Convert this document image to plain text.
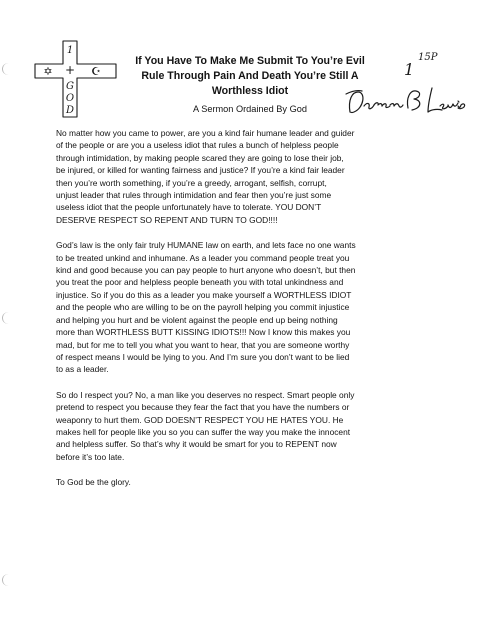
1
+
G
O
D
✡	☪
If You Have To Make Me Submit To You’re Evil
Rule Through Pain And Death You’re Still A
Worthless Idiot
A Sermon Ordained By God
1
15P

No matter how you came to power, are you a kind fair humane leader and guider
of the people or are you a useless idiot that rules a bunch of helpless people
through intimidation, by making people scared they are going to lose their job,
be injured, or killed for wanting fairness and justice? If you’re a kind fair leader
then you’re worth something, if you’re a greedy, arrogant, selfish, corrupt,
unjust leader that rules through intimidation and fear then you’re just some
useless idiot that the people unfortunately have to tolerate. YOU DON’T
DESERVE RESPECT SO REPENT AND TURN TO GOD!!!!

God’s law is the only fair truly HUMANE law on earth, and lets face no one wants
to be treated unkind and inhumane. As a leader you command people treat you
kind and good because you can pay people to hurt anyone who doesn’t, but then
you treat the poor and helpless people beneath you with total unkindness and
injustice. So if you do this as a leader you make yourself a WORTHLESS IDIOT
and the people who are willing to be on the payroll helping you commit injustice
and helping you hurt and be violent against the people end up being nothing
more than WORTHLESS BUTT KISSING IDIOTS!!! Now I know this makes you
mad, but for me to tell you what you want to hear, that you are someone worthy
of respect means I would be lying to you. And I’m sure you don’t want to be lied
to as a leader.

So do I respect you? No, a man like you deserves no respect. Smart people only
pretend to respect you because they fear the fact that you have the numbers or
weaponry to hurt them. GOD DOESN’T RESPECT YOU HE HATES YOU. He
makes hell for people like you so you can suffer the way you make the innocent
and helpless suffer. So that’s why it would be smart for you to REPENT now
before it’s too late.

To God be the glory.
